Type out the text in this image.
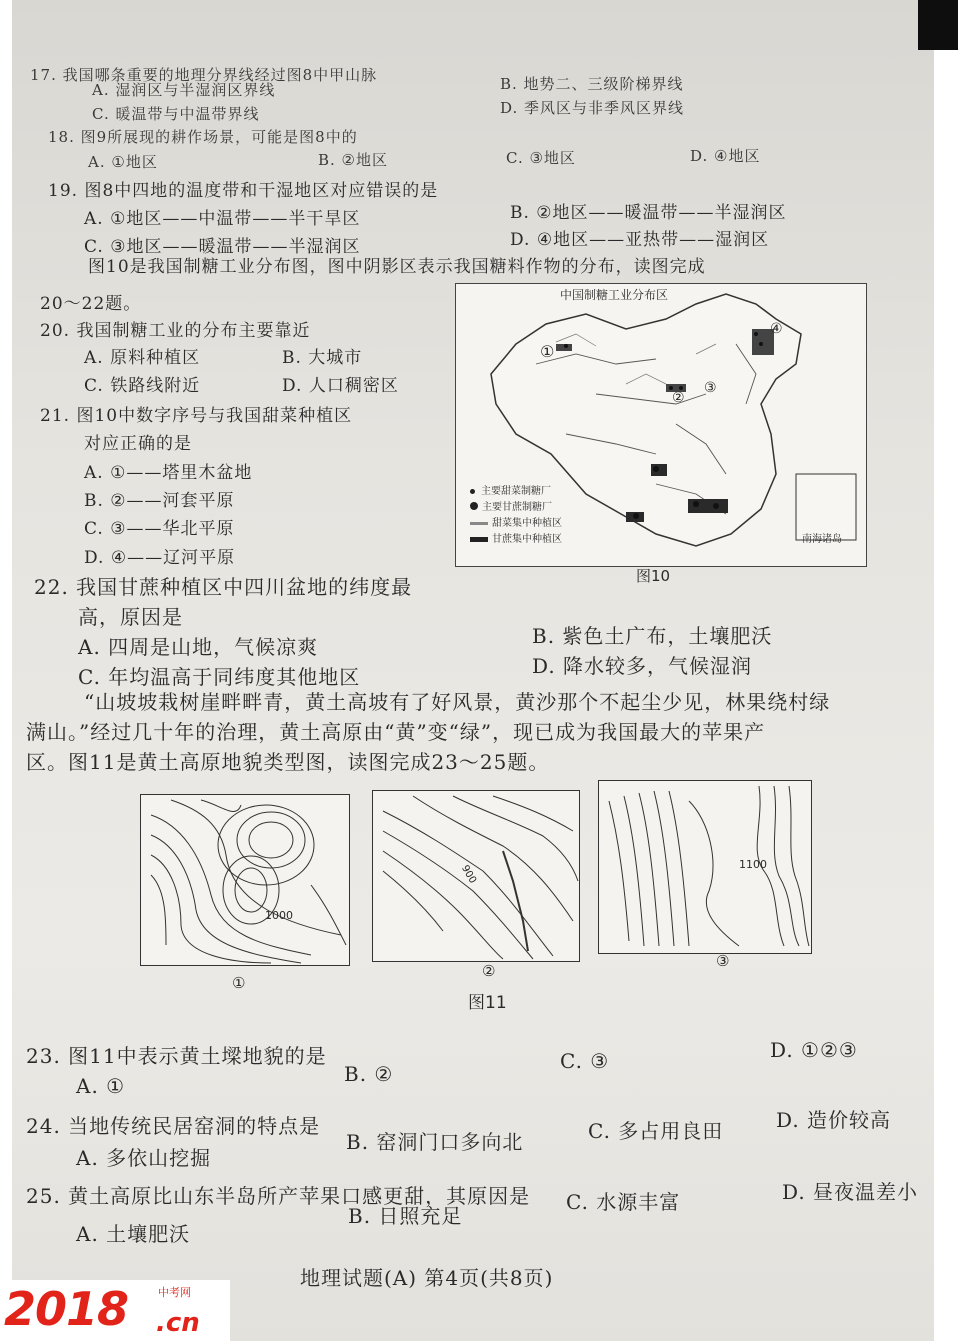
17. 我国哪条重要的地理分界线经过图8中甲山脉
A. 湿润区与半湿润区界线	B. 地势二、三级阶梯界线
C. 暖温带与中温带界线	D. 季风区与非季风区界线
18. 图9所展现的耕作场景，可能是图8中的
A. ①地区	B. ②地区	C. ③地区	D. ④地区
19. 图8中四地的温度带和干湿地区对应错误的是
A. ①地区——中温带——半干旱区	B. ②地区——暖温带——半湿润区
C. ③地区——暖温带——半湿润区	D. ④地区——亚热带——湿润区
图10是我国制糖工业分布图，图中阴影区表示我国糖料作物的分布，读图完成
20～22题。
20. 我国制糖工业的分布主要靠近
A. 原料种植区	B. 大城市
C. 铁路线附近	D. 人口稠密区
21. 图10中数字序号与我国甜菜种植区
对应正确的是
A. ①——塔里木盆地
B. ②——河套平原
C. ③——华北平原
D. ④——辽河平原
中国制糖工业分布区
①
②
③
④
南海诸岛
主要甜菜制糖厂
主要甘蔗制糖厂
甜菜集中种植区
甘蔗集中种植区
图10
22. 我国甘蔗种植区中四川盆地的纬度最
高，原因是
A. 四周是山地，气候凉爽	B. 紫色土广布，土壤肥沃
C. 年均温高于同纬度其他地区	D. 降水较多，气候湿润
“山坡坡栽树崖畔畔青，黄土高坡有了好风景，黄沙那个不起尘少见，林果绕村绿
满山。”经过几十年的治理，黄土高原由“黄”变“绿”，现已成为我国最大的苹果产
区。图11是黄土高原地貌类型图，读图完成23～25题。
1000
①
900
②
1100
③
图11
23. 图11中表示黄土墚地貌的是
A. ①	B. ②
C. ③	D. ①②③
24. 当地传统民居窑洞的特点是
A. 多依山挖掘
B. 窑洞门口多向北	C. 多占用良田	D. 造价较高
25. 黄土高原比山东半岛所产苹果口感更甜，其原因是
A. 土壤肥沃
B. 日照充足
C. 水源丰富	D. 昼夜温差小
地理试题(A) 第4页(共8页)
2018	中考网
.cn
